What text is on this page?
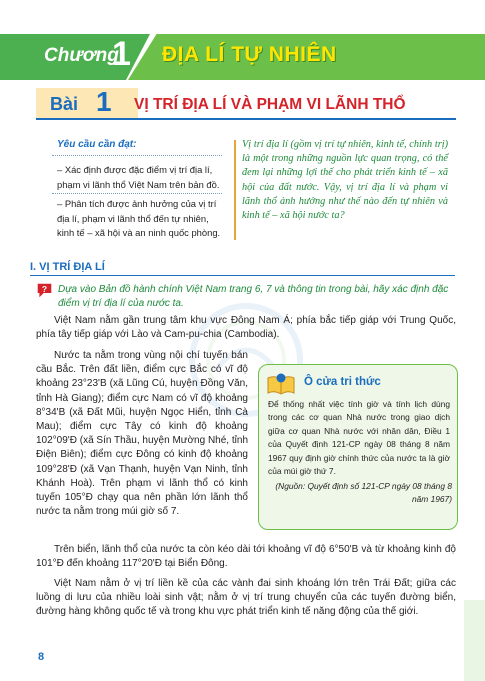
Chương
1 ĐỊA LÍ TỰ NHIÊN
Bài 1 VỊ TRÍ ĐỊA LÍ VÀ PHẠM VI LÃNH THỔ
Yêu cầu cần đạt:

– Xác định được đặc điểm vị trí địa lí, phạm vi lãnh thổ Việt Nam trên bản đồ.

– Phân tích được ảnh hưởng của vị trí địa lí, phạm vi lãnh thổ đến tự nhiên, kinh tế – xã hội và an ninh quốc phòng.

Vị trí địa lí (gồm vị trí tự nhiên, kinh tế, chính trị) là một trong những nguồn lực quan trọng, có thể đem lại những lợi thế cho phát triển kinh tế – xã hội của đất nước. Vậy, vị trí địa lí và phạm vi lãnh thổ ảnh hưởng như thế nào đến tự nhiên và kinh tế – xã hội nước ta?

I. VỊ TRÍ ĐỊA LÍ
? Dựa vào Bản đồ hành chính Việt Nam trang 6, 7 và thông tin trong bài, hãy xác định đặc điểm vị trí địa lí của nước ta.

Việt Nam nằm gần trung tâm khu vực Đông Nam Á; phía bắc tiếp giáp với Trung Quốc, phía tây tiếp giáp với Lào và Cam-pu-chia (Cambodia).

Nước ta nằm trong vùng nội chí tuyến bán cầu Bắc. Trên đất liền, điểm cực Bắc có vĩ độ khoảng 23°23'B (xã Lũng Cú, huyện Đồng Văn, tỉnh Hà Giang); điểm cực Nam có vĩ độ khoảng 8°34'B (xã Đất Mũi, huyện Ngọc Hiển, tỉnh Cà Mau); điểm cực Tây có kinh độ khoảng 102°09'Đ (xã Sín Thầu, huyện Mường Nhé, tỉnh Điện Biên); điểm cực Đông có kinh độ khoảng 109°28'Đ (xã Vạn Thạnh, huyện Vạn Ninh, tỉnh Khánh Hoà). Trên phạm vi lãnh thổ có kinh tuyến 105°Đ chạy qua nên phần lớn lãnh thổ nước ta nằm trong múi giờ số 7.

Ô cửa tri thức

Để thống nhất việc tính giờ và tính lịch dùng trong các cơ quan Nhà nước trong giao dịch giữa cơ quan Nhà nước với nhân dân, Điều 1 của Quyết định 121-CP ngày 08 tháng 8 năm 1967 quy định giờ chính thức của nước ta là giờ của múi giờ thứ 7.

(Nguồn: Quyết định số 121-CP ngày 08 tháng 8 năm 1967)

Trên biển, lãnh thổ của nước ta còn kéo dài tới khoảng vĩ độ 6°50'B và từ khoảng kinh độ 101°Đ đến khoảng 117°20'Đ tại Biển Đông.

Việt Nam nằm ở vị trí liền kề của các vành đai sinh khoáng lớn trên Trái Đất; giữa các luồng di lưu của nhiều loài sinh vật; nằm ở vị trí trung chuyển của các tuyến đường biển, đường hàng không quốc tế và trong khu vực phát triển kinh tế năng động của thế giới.

8
